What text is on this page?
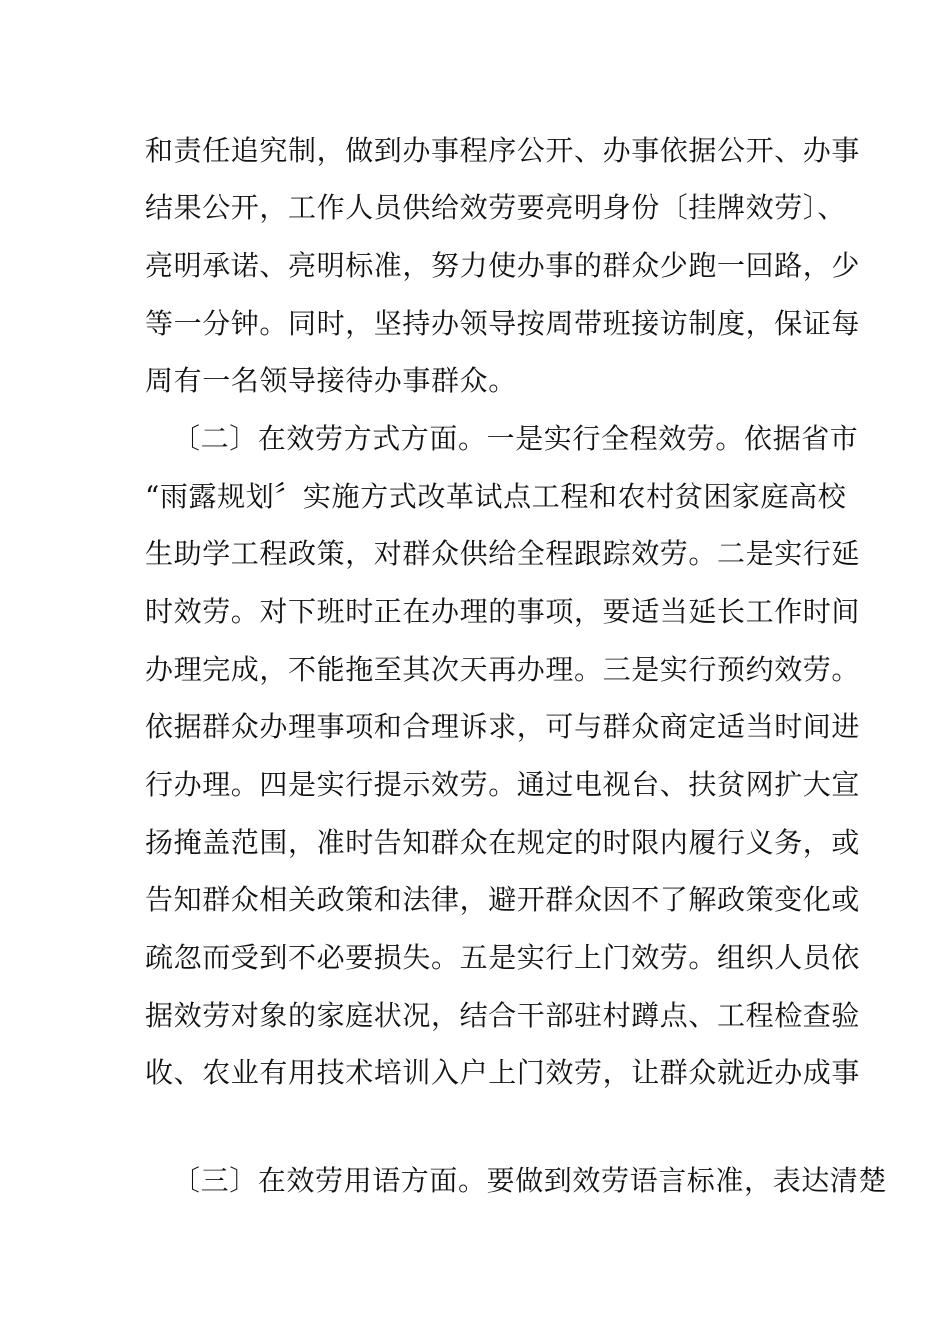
和责任追究制，做到办事程序公开、办事依据公开、办事
结果公开，工作人员供给效劳要亮明身份〔挂牌效劳〕、
亮明承诺、亮明标准，努力使办事的群众少跑一回路，少
等一分钟。同时，坚持办领导按周带班接访制度，保证每
周有一名领导接待办事群众。
〔二〕在效劳方式方面。一是实行全程效劳。依据省市
“雨露规划〞实施方式改革试点工程和农村贫困家庭高校
生助学工程政策，对群众供给全程跟踪效劳。二是实行延
时效劳。对下班时正在办理的事项，要适当延长工作时间
办理完成，不能拖至其次天再办理。三是实行预约效劳。
依据群众办理事项和合理诉求，可与群众商定适当时间进
行办理。四是实行提示效劳。通过电视台、扶贫网扩大宣
扬掩盖范围，准时告知群众在规定的时限内履行义务，或
告知群众相关政策和法律，避开群众因不了解政策变化或
疏忽而受到不必要损失。五是实行上门效劳。组织人员依
据效劳对象的家庭状况，结合干部驻村蹲点、工程检查验
收、农业有用技术培训入户上门效劳，让群众就近办成事
〔三〕在效劳用语方面。要做到效劳语言标准，表达清楚
